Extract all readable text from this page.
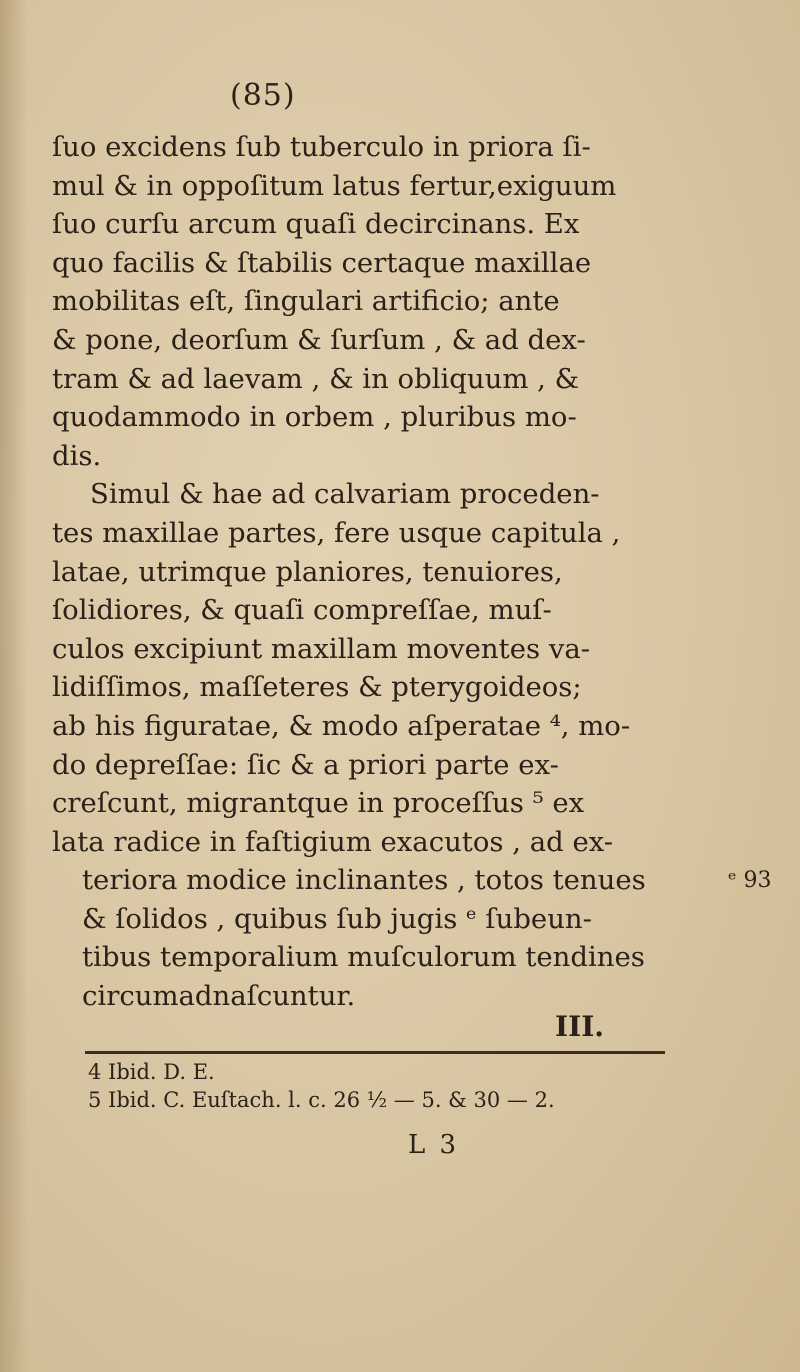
(85)
ſuo excidens ſub tuberculo in priora ſi-
mul & in oppoſitum latus fertur,exiguum
ſuo curſu arcum quaſi decircinans. Ex
quo facilis & ſtabilis certaque maxillae
mobilitas eſt, ſingulari artificio; ante
& pone, deorſum & ſurſum , & ad dex-
tram & ad laevam , & in obliquum , &
quodammodo in orbem , pluribus mo-
dis.
Simul & hae ad calvariam proceden-
tes maxillae partes, fere usque capitula ,
latae, utrimque planiores, tenuiores,
ſolidiores, & quaſi compreſſae, muſ-
culos excipiunt maxillam moventes va-
lidiſſimos, maſſeteres & pterygoideos;
ab his figuratae, & modo aſperatae ⁴, mo-
do depreſſae: ſic & a priori parte ex-
creſcunt, migrantque in proceſſus ⁵ ex
lata radice in faſtigium exacutos , ad ex-
teriora modice inclinantes , totos tenues
& ſolidos , quibus ſub jugis ᵉ ſubeun-
tibus temporalium muſculorum tendines
circumadnaſcuntur.
ᵉ 93
III.
4 Ibid. D. E.
5 Ibid. C. Euſtach. l. c. 26 ½ — 5. & 30 — 2.
L 3
